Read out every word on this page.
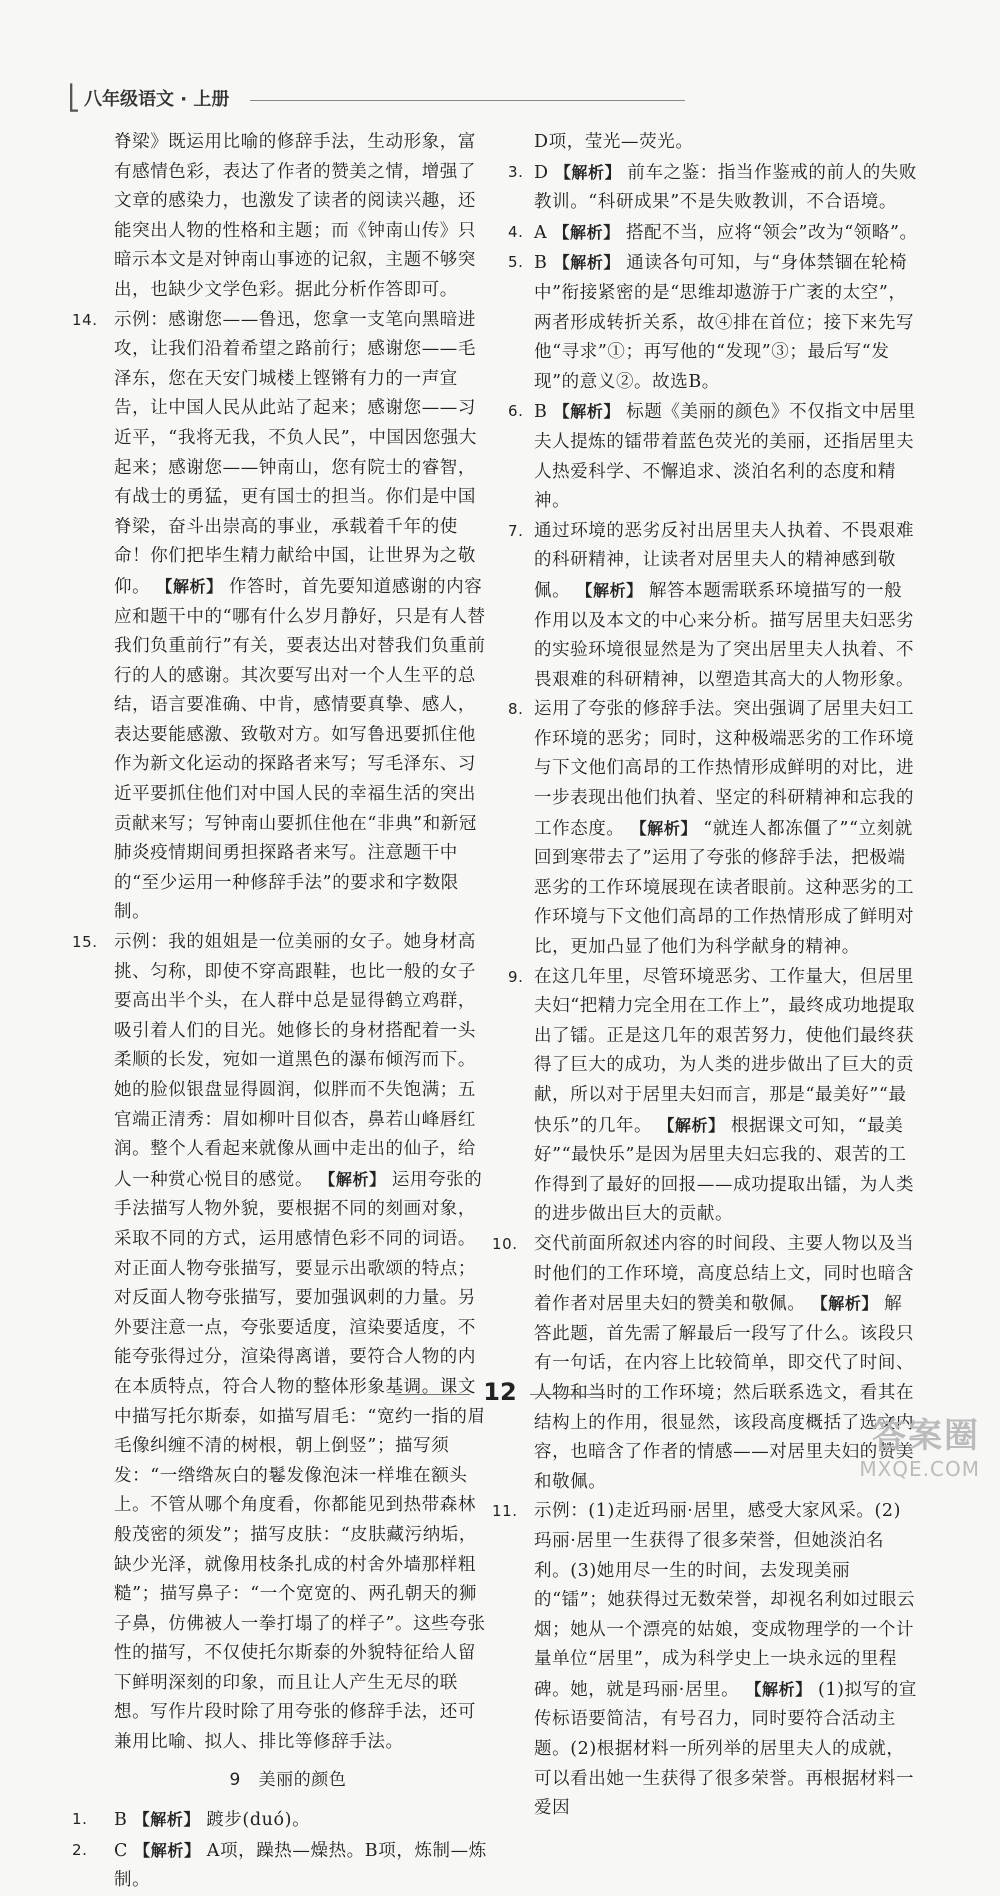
⎣ 八年级语文 · 上册
脊梁》既运用比喻的修辞手法，生动形象，富有感情色彩，表达了作者的赞美之情，增强了文章的感染力，也激发了读者的阅读兴趣，还能突出人物的性格和主题；而《钟南山传》只暗示本文是对钟南山事迹的记叙，主题不够突出，也缺少文学色彩。据此分析作答即可。
14. 示例：感谢您——鲁迅，您拿一支笔向黑暗进攻，让我们沿着希望之路前行；感谢您——毛泽东，您在天安门城楼上铿锵有力的一声宣告，让中国人民从此站了起来；感谢您——习近平，“我将无我，不负人民”，中国因您强大起来；感谢您——钟南山，您有院士的睿智，有战士的勇猛，更有国士的担当。你们是中国脊梁，奋斗出崇高的事业，承载着千年的使命！你们把毕生精力献给中国，让世界为之敬仰。 【解析】 作答时，首先要知道感谢的内容应和题干中的“哪有什么岁月静好，只是有人替我们负重前行”有关，要表达出对替我们负重前行的人的感谢。其次要写出对一个人生平的总结，语言要准确、中肯，感情要真挚、感人，表达要能感激、致敬对方。如写鲁迅要抓住他作为新文化运动的探路者来写；写毛泽东、习近平要抓住他们对中国人民的幸福生活的突出贡献来写；写钟南山要抓住他在“非典”和新冠肺炎疫情期间勇担探路者来写。注意题干中的“至少运用一种修辞手法”的要求和字数限制。
15. 示例：我的姐姐是一位美丽的女子。她身材高挑、匀称，即使不穿高跟鞋，也比一般的女子要高出半个头，在人群中总是显得鹤立鸡群，吸引着人们的目光。她修长的身材搭配着一头柔顺的长发，宛如一道黑色的瀑布倾泻而下。她的脸似银盘显得圆润，似胖而不失饱满；五官端正清秀：眉如柳叶目似杏，鼻若山峰唇红润。整个人看起来就像从画中走出的仙子，给人一种赏心悦目的感觉。 【解析】 运用夸张的手法描写人物外貌，要根据不同的刻画对象，采取不同的方式，运用感情色彩不同的词语。对正面人物夸张描写，要显示出歌颂的特点；对反面人物夸张描写，要加强讽刺的力量。另外要注意一点，夸张要适度，渲染要适度，不能夸张得过分，渲染得离谱，要符合人物的内在本质特点，符合人物的整体形象基调。课文中描写托尔斯泰，如描写眉毛：“宽约一指的眉毛像纠缠不清的树根，朝上倒竖”；描写须发：“一绺绺灰白的鬈发像泡沫一样堆在额头上。不管从哪个角度看，你都能见到热带森林般茂密的须发”；描写皮肤：“皮肤藏污纳垢，缺少光泽，就像用枝条扎成的村舍外墙那样粗糙”；描写鼻子：“一个宽宽的、两孔朝天的狮子鼻，仿佛被人一拳打塌了的样子”。这些夸张性的描写，不仅使托尔斯泰的外貌特征给人留下鲜明深刻的印象，而且让人产生无尽的联想。写作片段时除了用夸张的修辞手法，还可兼用比喻、拟人、排比等修辞手法。
9　美丽的颜色
1. B 【解析】 踱步(duó)。
2. C 【解析】 A项，躁热—燥热。B项，炼制—炼制。
D项，莹光—荧光。
3. D 【解析】 前车之鉴：指当作鉴戒的前人的失败教训。“科研成果”不是失败教训，不合语境。
4. A 【解析】 搭配不当，应将“领会”改为“领略”。
5. B 【解析】 通读各句可知，与“身体禁锢在轮椅中”衔接紧密的是“思维却遨游于广袤的太空”，两者形成转折关系，故④排在首位；接下来先写他“寻求”①；再写他的“发现”③；最后写“发现”的意义②。故选B。
6. B 【解析】 标题《美丽的颜色》不仅指文中居里夫人提炼的镭带着蓝色荧光的美丽，还指居里夫人热爱科学、不懈追求、淡泊名利的态度和精神。
7. 通过环境的恶劣反衬出居里夫人执着、不畏艰难的科研精神，让读者对居里夫人的精神感到敬佩。 【解析】 解答本题需联系环境描写的一般作用以及本文的中心来分析。描写居里夫妇恶劣的实验环境很显然是为了突出居里夫人执着、不畏艰难的科研精神，以塑造其高大的人物形象。
8. 运用了夸张的修辞手法。突出强调了居里夫妇工作环境的恶劣；同时，这种极端恶劣的工作环境与下文他们高昂的工作热情形成鲜明的对比，进一步表现出他们执着、坚定的科研精神和忘我的工作态度。 【解析】 “就连人都冻僵了”“立刻就回到寒带去了”运用了夸张的修辞手法，把极端恶劣的工作环境展现在读者眼前。这种恶劣的工作环境与下文他们高昂的工作热情形成了鲜明对比，更加凸显了他们为科学献身的精神。
9. 在这几年里，尽管环境恶劣、工作量大，但居里夫妇“把精力完全用在工作上”，最终成功地提取出了镭。正是这几年的艰苦努力，使他们最终获得了巨大的成功，为人类的进步做出了巨大的贡献，所以对于居里夫妇而言，那是“最美好”“最快乐”的几年。 【解析】 根据课文可知，“最美好”“最快乐”是因为居里夫妇忘我的、艰苦的工作得到了最好的回报——成功提取出镭，为人类的进步做出巨大的贡献。
10. 交代前面所叙述内容的时间段、主要人物以及当时他们的工作环境，高度总结上文，同时也暗含着作者对居里夫妇的赞美和敬佩。 【解析】 解答此题，首先需了解最后一段写了什么。该段只有一句话，在内容上比较简单，即交代了时间、人物和当时的工作环境；然后联系选文，看其在结构上的作用，很显然，该段高度概括了选文内容，也暗含了作者的情感——对居里夫妇的赞美和敬佩。
11. 示例：(1)走近玛丽·居里，感受大家风采。(2)玛丽·居里一生获得了很多荣誉，但她淡泊名利。(3)她用尽一生的时间，去发现美丽的“镭”；她获得过无数荣誉，却视名利如过眼云烟；她从一个漂亮的姑娘，变成物理学的一个计量单位“居里”，成为科学史上一块永远的里程碑。她，就是玛丽·居里。 【解析】 (1)拟写的宣传标语要简洁，有号召力，同时要符合活动主题。(2)根据材料一所列举的居里夫人的成就，可以看出她一生获得了很多荣誉。再根据材料一爱因
12
答案圈
MXQE.COM
